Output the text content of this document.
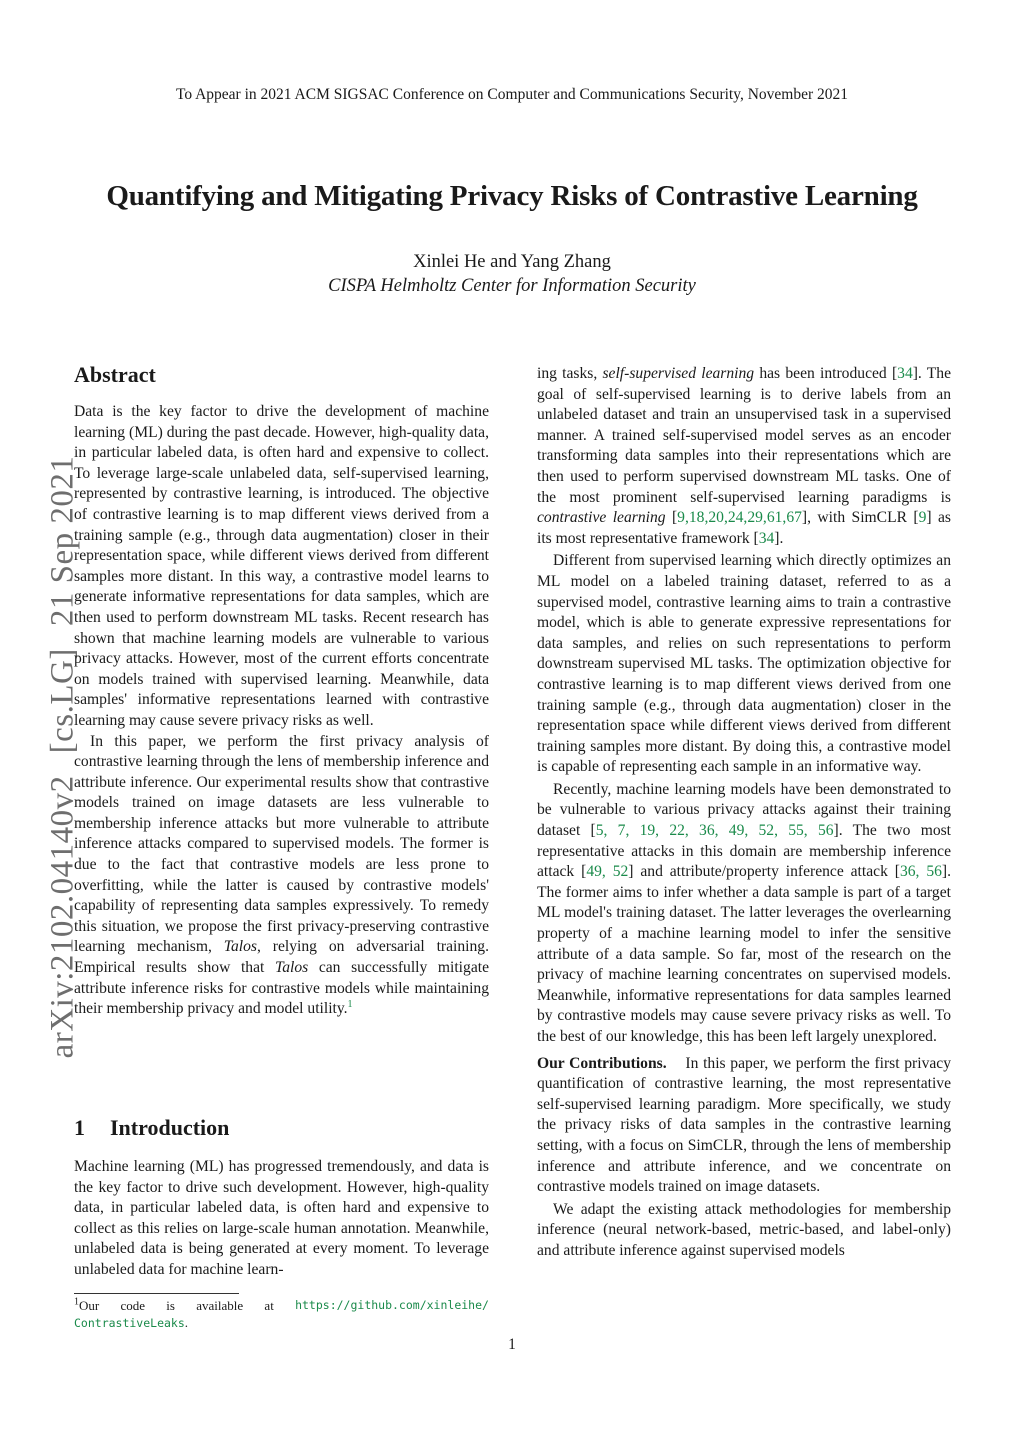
To Appear in 2021 ACM SIGSAC Conference on Computer and Communications Security, November 2021
Quantifying and Mitigating Privacy Risks of Contrastive Learning
Xinlei He and Yang Zhang
CISPA Helmholtz Center for Information Security
arXiv:2102.04140v2[cs.LG]21 Sep 2021
Abstract

Data is the key factor to drive the development of machine learning (ML) during the past decade. However, high-quality data, in particular labeled data, is often hard and expensive to collect. To leverage large-scale unlabeled data, self-supervised learning, represented by contrastive learning, is introduced. The objective of contrastive learning is to map different views derived from a training sample (e.g., through data augmentation) closer in their representation space, while different views derived from different samples more distant. In this way, a contrastive model learns to generate informative representations for data samples, which are then used to perform downstream ML tasks. Recent research has shown that machine learning models are vulnerable to various privacy attacks. However, most of the current efforts concentrate on models trained with supervised learning. Meanwhile, data samples' informative representations learned with contrastive learning may cause severe privacy risks as well.

In this paper, we perform the first privacy analysis of contrastive learning through the lens of membership inference and attribute inference. Our experimental results show that contrastive models trained on image datasets are less vulnerable to membership inference attacks but more vulnerable to attribute inference attacks compared to supervised models. The former is due to the fact that contrastive models are less prone to overfitting, while the latter is caused by contrastive models' capability of representing data samples expressively. To remedy this situation, we propose the first privacy-preserving contrastive learning mechanism, Talos, relying on adversarial training. Empirical results show that Talos can successfully mitigate attribute inference risks for contrastive models while maintaining their membership privacy and model utility.$^1$

1 Introduction

Machine learning (ML) has progressed tremendously, and data is the key factor to drive such development. However, high-quality data, in particular labeled data, is often hard and expensive to collect as this relies on large-scale human annotation. Meanwhile, unlabeled data is being generated at every moment. To leverage unlabeled data for machine learn-

$^1$Our code is available at https://github.com/xinleihe/
ContrastiveLeaks.

ing tasks, self-supervised learning has been introduced [34]. The goal of self-supervised learning is to derive labels from an unlabeled dataset and train an unsupervised task in a supervised manner. A trained self-supervised model serves as an encoder transforming data samples into their representations which are then used to perform supervised downstream ML tasks. One of the most prominent self-supervised learning paradigms is contrastive learning [9,18,20,24,29,61,67], with SimCLR [9] as its most representative framework [34].

Different from supervised learning which directly optimizes an ML model on a labeled training dataset, referred to as a supervised model, contrastive learning aims to train a contrastive model, which is able to generate expressive representations for data samples, and relies on such representations to perform downstream supervised ML tasks. The optimization objective for contrastive learning is to map different views derived from one training sample (e.g., through data augmentation) closer in the representation space while different views derived from different training samples more distant. By doing this, a contrastive model is capable of representing each sample in an informative way.

Recently, machine learning models have been demonstrated to be vulnerable to various privacy attacks against their training dataset [5, 7, 19, 22, 36, 49, 52, 55, 56]. The two most representative attacks in this domain are membership inference attack [49, 52] and attribute/property inference attack [36, 56]. The former aims to infer whether a data sample is part of a target ML model's training dataset. The latter leverages the overlearning property of a machine learning model to infer the sensitive attribute of a data sample. So far, most of the research on the privacy of machine learning concentrates on supervised models. Meanwhile, informative representations for data samples learned by contrastive models may cause severe privacy risks as well. To the best of our knowledge, this has been left largely unexplored.

Our Contributions. In this paper, we perform the first privacy quantification of contrastive learning, the most representative self-supervised learning paradigm. More specifically, we study the privacy risks of data samples in the contrastive learning setting, with a focus on SimCLR, through the lens of membership inference and attribute inference, and we concentrate on contrastive models trained on image datasets.

We adapt the existing attack methodologies for membership inference (neural network-based, metric-based, and label-only) and attribute inference against supervised models

1
